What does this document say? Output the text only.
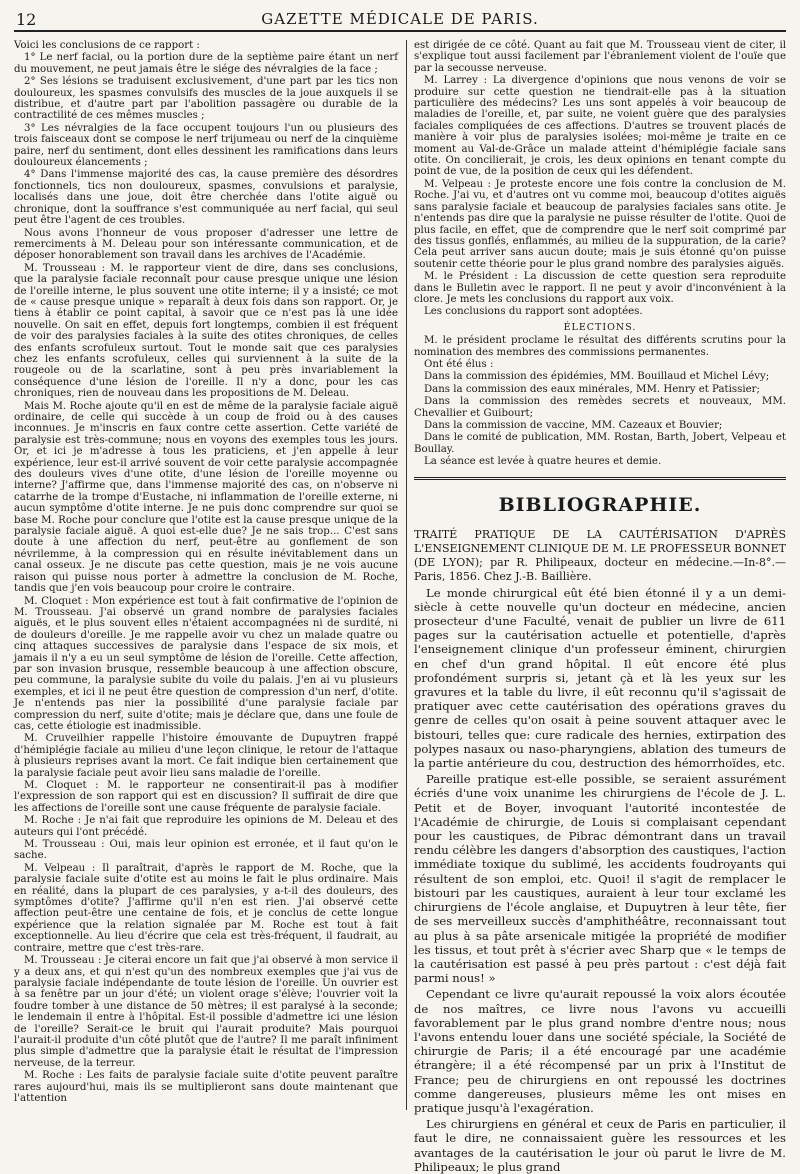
12	GAZETTE MÉDICALE DE PARIS.

Voici les conclusions de ce rapport :

1° Le nerf facial, ou la portion dure de la septième paire étant un nerf du mouvement, ne peut jamais être le siége des névralgies de la face ;

2° Ses lésions se traduisent exclusivement, d'une part par les tics non douloureux, les spasmes convulsifs des muscles de la joue auxquels il se distribue, et d'autre part par l'abolition passagère ou durable de la contractilité de ces mêmes muscles ;

3° Les névralgies de la face occupent toujours l'un ou plusieurs des trois faisceaux dont se compose le nerf trijumeau ou nerf de la cinquième paire, nerf du sentiment, dont elles dessinent les ramifications dans leurs douloureux élancements ;

4° Dans l'immense majorité des cas, la cause première des désordres fonctionnels, tics non douloureux, spasmes, convulsions et paralysie, localisés dans une joue, doit être cherchée dans l'otite aiguë ou chronique, dont la souffrance s'est communiquée au nerf facial, qui seul peut être l'agent de ces troubles.

Nous avons l'honneur de vous proposer d'adresser une lettre de remerciments à M. Deleau pour son intéressante communication, et de déposer honorablement son travail dans les archives de l'Académie.

M. Trousseau : M. le rapporteur vient de dire, dans ses conclusions, que la paralysie faciale reconnaît pour cause presque unique une lésion de l'oreille interne, le plus souvent une otite interne; il y a insisté; ce mot de « cause presque unique » reparaît à deux fois dans son rapport. Or, je tiens à établir ce point capital, à savoir que ce n'est pas là une idée nouvelle. On sait en effet, depuis fort longtemps, combien il est fréquent de voir des paralysies faciales à la suite des otites chroniques, de celles des enfants scrofuleux surtout. Tout le monde sait que ces paralysies chez les enfants scrofuleux, celles qui surviennent à la suite de la rougeole ou de la scarlatine, sont à peu près invariablement la conséquence d'une lésion de l'oreille. Il n'y a donc, pour les cas chroniques, rien de nouveau dans les propositions de M. Deleau.

Mais M. Roche ajoute qu'il en est de même de la paralysie faciale aiguë ordinaire, de celle qui succède à un coup de froid ou à des causes inconnues. Je m'inscris en faux contre cette assertion. Cette variété de paralysie est très-commune; nous en voyons des exemples tous les jours. Or, et ici je m'adresse à tous les praticiens, et j'en appelle à leur expérience, leur est-il arrivé souvent de voir cette paralysie accompagnée des douleurs vives d'une otite, d'une lésion de l'oreille moyenne ou interne? J'affirme que, dans l'immense majorité des cas, on n'observe ni catarrhe de la trompe d'Eustache, ni inflammation de l'oreille externe, ni aucun symptôme d'otite interne. Je ne puis donc comprendre sur quoi se base M. Roche pour conclure que l'otite est la cause presque unique de la paralysie faciale aiguë. A quoi est-elle due? Je ne sais trop... C'est sans doute à une affection du nerf, peut-être au gonflement de son névrilemme, à la compression qui en résulte inévitablement dans un canal osseux. Je ne discute pas cette question, mais je ne vois aucune raison qui puisse nous porter à admettre la conclusion de M. Roche, tandis que j'en vois beaucoup pour croire le contraire.

M. Cloquet : Mon expérience est tout à fait confirmative de l'opinion de M. Trousseau. J'ai observé un grand nombre de paralysies faciales aiguës, et le plus souvent elles n'étaient accompagnées ni de surdité, ni de douleurs d'oreille. Je me rappelle avoir vu chez un malade quatre ou cinq attaques successives de paralysie dans l'espace de six mois, et jamais il n'y a eu un seul symptôme de lésion de l'oreille. Cette affection, par son invasion brusque, ressemble beaucoup à une affection obscure, peu commune, la paralysie subite du voile du palais. J'en ai vu plusieurs exemples, et ici il ne peut être question de compression d'un nerf, d'otite. Je n'entends pas nier la possibilité d'une paralysie faciale par compression du nerf, suite d'otite; mais je déclare que, dans une foule de cas, cette étiologie est inadmissible.

M. Cruveilhier rappelle l'histoire émouvante de Dupuytren frappé d'hémiplégie faciale au milieu d'une leçon clinique, le retour de l'attaque à plusieurs reprises avant la mort. Ce fait indique bien certainement que la paralysie faciale peut avoir lieu sans maladie de l'oreille.

M. Cloquet : M. le rapporteur ne consentirait-il pas à modifier l'expression de son rapport qui est en discussion? Il suffirait de dire que les affections de l'oreille sont une cause fréquente de paralysie faciale.

M. Roche : Je n'ai fait que reproduire les opinions de M. Deleau et des auteurs qui l'ont précédé.

M. Trousseau : Oui, mais leur opinion est erronée, et il faut qu'on le sache.

M. Velpeau : Il paraîtrait, d'après le rapport de M. Roche, que la paralysie faciale suite d'otite est au moins le fait le plus ordinaire. Mais en réalité, dans la plupart de ces paralysies, y a-t-il des douleurs, des symptômes d'otite? J'affirme qu'il n'en est rien. J'ai observé cette affection peut-être une centaine de fois, et je conclus de cette longue expérience que la relation signalée par M. Roche est tout à fait exceptionnelle. Au lieu d'écrire que cela est très-fréquent, il faudrait, au contraire, mettre que c'est très-rare.

M. Trousseau : Je citerai encore un fait que j'ai observé à mon service il y a deux ans, et qui n'est qu'un des nombreux exemples que j'ai vus de paralysie faciale indépendante de toute lésion de l'oreille. Un ouvrier est à sa fenêtre par un jour d'été; un violent orage s'élève; l'ouvrier voit la foudre tomber à une distance de 50 mètres; il est paralysé à la seconde; le lendemain il entre à l'hôpital. Est-il possible d'admettre ici une lésion de l'oreille? Serait-ce le bruit qui l'aurait produite? Mais pourquoi l'aurait-il produite d'un côté plutôt que de l'autre? Il me paraît infiniment plus simple d'admettre que la paralysie était le résultat de l'impression nerveuse, de la terreur.

M. Roche : Les faits de paralysie faciale suite d'otite peuvent paraître rares aujourd'hui, mais ils se multiplieront sans doute maintenant que l'attention

est dirigée de ce côté. Quant au fait que M. Trousseau vient de citer, il s'explique tout aussi facilement par l'ébranlement violent de l'ouïe que par la secousse nerveuse.

M. Larrey : La divergence d'opinions que nous venons de voir se produire sur cette question ne tiendrait-elle pas à la situation particulière des médecins? Les uns sont appelés à voir beaucoup de maladies de l'oreille, et, par suite, ne voient guère que des paralysies faciales compliquées de ces affections. D'autres se trouvent placés de manière à voir plus de paralysies isolées; moi-même je traite en ce moment au Val-de-Grâce un malade atteint d'hémiplégie faciale sans otite. On concilierait, je crois, les deux opinions en tenant compte du point de vue, de la position de ceux qui les défendent.

M. Velpeau : Je proteste encore une fois contre la conclusion de M. Roche. J'ai vu, et d'autres ont vu comme moi, beaucoup d'otites aiguës sans paralysie faciale et beaucoup de paralysies faciales sans otite. Je n'entends pas dire que la paralysie ne puisse résulter de l'otite. Quoi de plus facile, en effet, que de comprendre que le nerf soit comprimé par des tissus gonflés, enflammés, au milieu de la suppuration, de la carie? Cela peut arriver sans aucun doute; mais je suis étonné qu'on puisse soutenir cette théorie pour le plus grand nombre des paralysies aiguës.

M. le Président : La discussion de cette question sera reproduite dans le Bulletin avec le rapport. Il ne peut y avoir d'inconvénient à la clore. Je mets les conclusions du rapport aux voix.

Les conclusions du rapport sont adoptées.

ÉLECTIONS.

M. le président proclame le résultat des différents scrutins pour la nomination des membres des commissions permanentes.

Ont été élus :

Dans la commission des épidémies, MM. Bouillaud et Michel Lévy;

Dans la commission des eaux minérales, MM. Henry et Patissier;

Dans la commission des remèdes secrets et nouveaux, MM. Chevallier et Guibourt;

Dans la commission de vaccine, MM. Cazeaux et Bouvier;

Dans le comité de publication, MM. Rostan, Barth, Jobert, Velpeau et Boullay.

La séance est levée à quatre heures et demie.

BIBLIOGRAPHIE.

TRAITÉ PRATIQUE DE LA CAUTÉRISATION D'APRÈS L'ENSEIGNEMENT CLINIQUE DE M. LE PROFESSEUR BONNET (DE LYON); par R. Philipeaux, docteur en médecine.—In-8°.—Paris, 1856. Chez J.-B. Baillière.

Le monde chirurgical eût été bien étonné il y a un demi-siècle à cette nouvelle qu'un docteur en médecine, ancien prosecteur d'une Faculté, venait de publier un livre de 611 pages sur la cautérisation actuelle et potentielle, d'après l'enseignement clinique d'un professeur éminent, chirurgien en chef d'un grand hôpital. Il eût encore été plus profondément surpris si, jetant çà et là les yeux sur les gravures et la table du livre, il eût reconnu qu'il s'agissait de pratiquer avec cette cautérisation des opérations graves du genre de celles qu'on osait à peine souvent attaquer avec le bistouri, telles que: cure radicale des hernies, extirpation des polypes nasaux ou naso-pharyngiens, ablation des tumeurs de la partie antérieure du cou, destruction des hémorrhoïdes, etc.

Pareille pratique est-elle possible, se seraient assurément écriés d'une voix unanime les chirurgiens de l'école de J. L. Petit et de Boyer, invoquant l'autorité incontestée de l'Académie de chirurgie, de Louis si complaisant cependant pour les caustiques, de Pibrac démontrant dans un travail rendu célèbre les dangers d'absorption des caustiques, l'action immédiate toxique du sublimé, les accidents foudroyants qui résultent de son emploi, etc. Quoi! il s'agit de remplacer le bistouri par les caustiques, auraient à leur tour exclamé les chirurgiens de l'école anglaise, et Dupuytren à leur tête, fier de ses merveilleux succès d'amphithéâtre, reconnaissant tout au plus à sa pâte arsenicale mitigée la propriété de modifier les tissus, et tout prêt à s'écrier avec Sharp que « le temps de la cautérisation est passé à peu près partout : c'est déjà fait parmi nous! »

Cependant ce livre qu'aurait repoussé la voix alors écoutée de nos maîtres, ce livre nous l'avons vu accueilli favorablement par le plus grand nombre d'entre nous; nous l'avons entendu louer dans une société spéciale, la Société de chirurgie de Paris; il a été encouragé par une académie étrangère; il a été récompensé par un prix à l'Institut de France; peu de chirurgiens en ont repoussé les doctrines comme dangereuses, plusieurs même les ont mises en pratique jusqu'à l'exagération.

Les chirurgiens en général et ceux de Paris en particulier, il faut le dire, ne connaissaient guère les ressources et les avantages de la cautérisation le jour où parut le livre de M. Philipeaux; le plus grand
